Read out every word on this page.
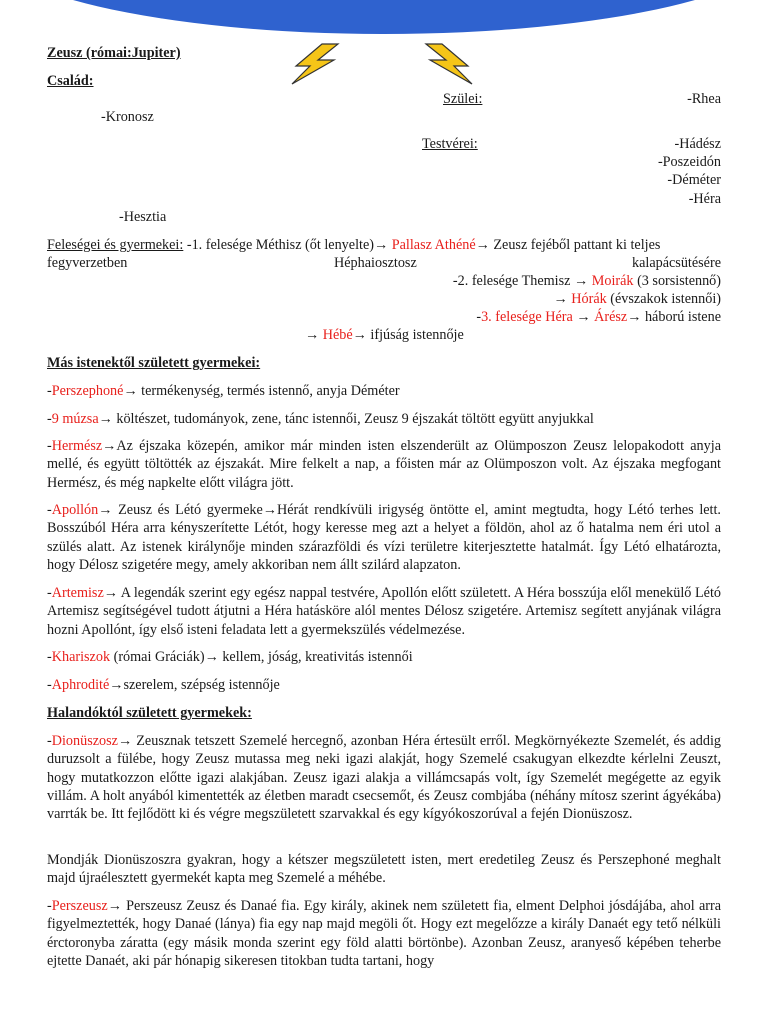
Zeusz (római:Jupiter)
Család:
Szülei:	-Rhea
-Kronosz
Testvérei:	-Hádész
-Poszeidón
-Déméter
-Héra
-Hesztia
Feleségei és gyermekei: -1. felesége Méthisz (őt lenyelte)→ Pallasz Athéné→ Zeusz fejéből pattant ki teljes
fegyverzetben	Héphaiosztosz	kalapácsütésére
-2. felesége Themisz → Moirák (3 sorsistennő)
→ Hórák (évszakok istennői)
-3. felesége Héra → Árész→ háború istene
→ Hébé→ ifjúság istennője
Más istenektől született gyermekei:
-Perszephoné→ termékenység, termés istennő, anyja Déméter
-9 múzsa→ költészet, tudományok, zene, tánc istennői, Zeusz 9 éjszakát töltött együtt anyjukkal
-Hermész→Az éjszaka közepén, amikor már minden isten elszenderült az Olümposzon Zeusz lelopakodott anyja mellé, és együtt töltötték az éjszakát. Mire felkelt a nap, a főisten már az Olümposzon volt. Az éjszaka megfogant Hermész, és még napkelte előtt világra jött.
-Apollón→ Zeusz és Létó gyermeke→Hérát rendkívüli irigység öntötte el, amint megtudta, hogy Létó terhes lett. Bosszúból Héra arra kényszerítette Létót, hogy keresse meg azt a helyet a földön, ahol az ő hatalma nem éri utol a szülés alatt. Az istenek királynője minden szárazföldi és vízi területre kiterjesztette hatalmát. Így Létó elhatározta, hogy Délosz szigetére megy, amely akkoriban nem állt szilárd alapzaton.
-Artemisz→ A legendák szerint egy egész nappal testvére, Apollón előtt született. A Héra bosszúja elől menekülő Létó Artemisz segítségével tudott átjutni a Héra hatásköre alól mentes Délosz szigetére. Artemisz segített anyjának világra hozni Apollónt, így első isteni feladata lett a gyermekszülés védelmezése.
-Khariszok (római Gráciák)→ kellem, jóság, kreativitás istennői
-Aphrodité→szerelem, szépség istennője
Halandóktól született gyermekek:
-Dionüszosz→ Zeusznak tetszett Szemelé hercegnő, azonban Héra értesült erről. Megkörnyékezte Szemelét, és addig duruzsolt a fülébe, hogy Zeusz mutassa meg neki igazi alakját, hogy Szemelé csakugyan elkezdte kérlelni Zeuszt, hogy mutatkozzon előtte igazi alakjában. Zeusz igazi alakja a villámcsapás volt, így Szemelét megégette az egyik villám. A holt anyából kimentették az életben maradt csecsemőt, és Zeusz combjába (néhány mítosz szerint ágyékába) varrták be. Itt fejlődött ki és végre megszületett szarvakkal és egy kígyókoszorúval a fején Dionüszosz.
Mondják Dionüszoszra gyakran, hogy a kétszer megszületett isten, mert eredetileg Zeusz és Perszephoné meghalt majd újraélesztett gyermekét kapta meg Szemelé a méhébe.
-Perszeusz→ Perszeusz Zeusz és Danaé fia. Egy király, akinek nem született fia, elment Delphoi jósdájába, ahol arra figyelmeztették, hogy Danaé (lánya) fia egy nap majd megöli őt. Hogy ezt megelőzze a király Danaét egy tető nélküli érctoronyba záratta (egy másik monda szerint egy föld alatti börtönbe). Azonban Zeusz, aranyeső képében teherbe ejtette Danaét, aki pár hónapig sikeresen titokban tudta tartani, hogy
